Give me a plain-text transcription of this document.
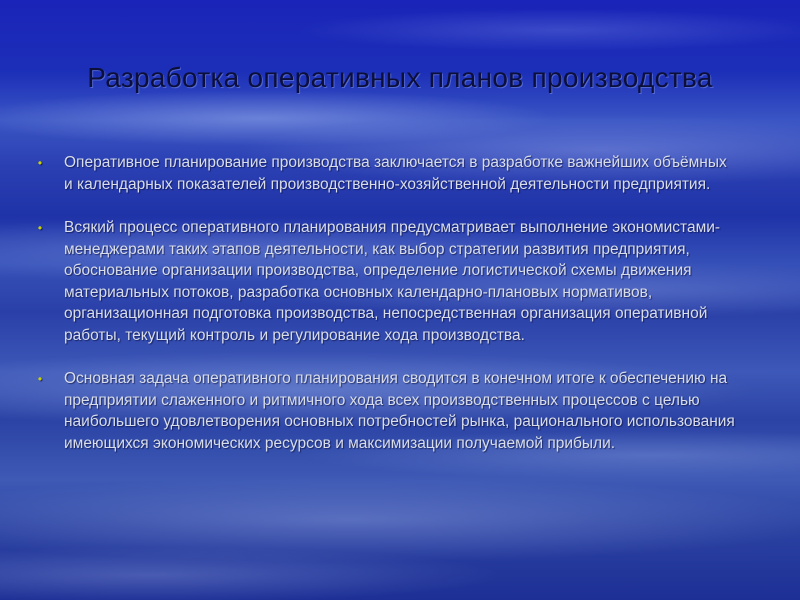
Разработка оперативных планов производства
• Оперативное планирование производства заключается в разработке важнейших объёмных и календарных показателей производственно-хозяйственной деятельности предприятия.
• Всякий процесс оперативного планирования предусматривает выполнение экономистами-менеджерами таких этапов деятельности, как выбор стратегии развития предприятия, обоснование организации производства, определение логистической схемы движения материальных потоков, разработка основных календарно-плановых нормативов, организационная подготовка производства, непосредственная организация оперативной работы, текущий контроль и регулирование хода производства.
• Основная задача оперативного планирования сводится в конечном итоге к обеспечению на предприятии слаженного и ритмичного хода всех производственных процессов с целью наибольшего удовлетворения основных потребностей рынка, рационального использования имеющихся экономических ресурсов и максимизации получаемой прибыли.
